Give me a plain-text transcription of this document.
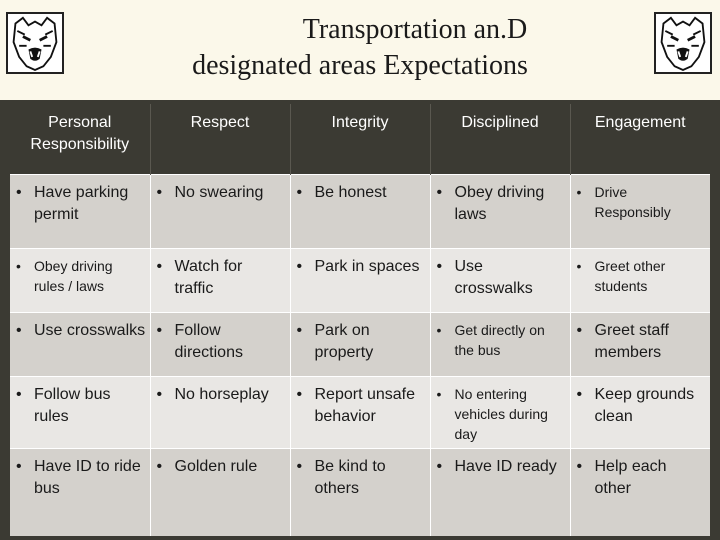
Transportation an.D
designated areas Expectations
Personal Responsibility	Respect	Integrity	Disciplined	Engagement

• Have parking permit	• No swearing	• Be honest	• Obey driving laws	• Drive Responsibly

• Obey driving rules / laws	• Watch for traffic	• Park in spaces	• Use crosswalks	• Greet other students

• Use crosswalks	• Follow directions	• Park on property	• Get directly on the bus	• Greet staff members

• Follow bus rules	• No horseplay	• Report unsafe behavior	• No entering vehicles during day	• Keep grounds clean

• Have ID to ride bus	• Golden rule	• Be kind to others	• Have ID ready	• Help each other
